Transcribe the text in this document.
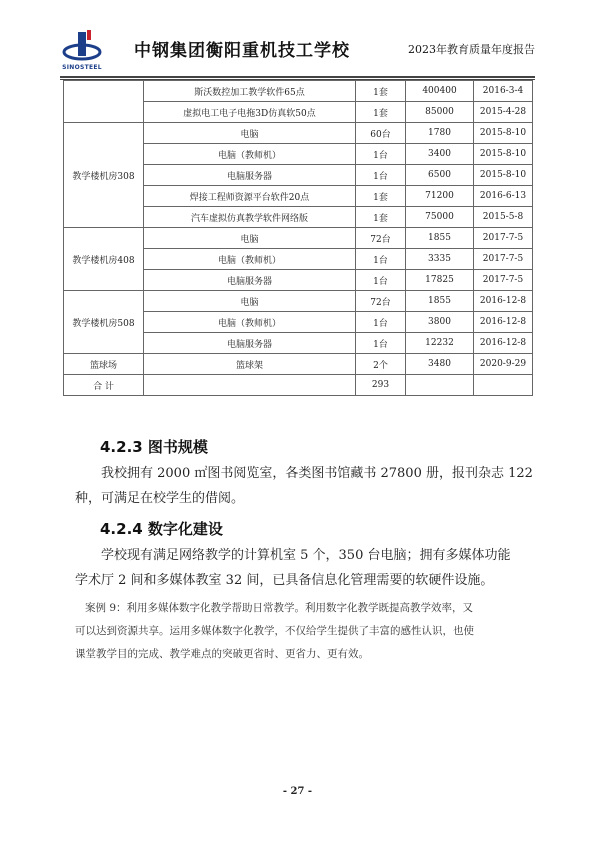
SINOSTEEL
中钢集团衡阳重机技工学校	2023年教育质量年度报告
	斯沃数控加工教学软件65点	1套	400400	2016-3-4
	虚拟电工电子电拖3D仿真软50点	1套	85000	2015-4-28
教学楼机房308	电脑	60台	1780	2015-8-10
	电脑（教师机）	1台	3400	2015-8-10
	电脑服务器	1台	6500	2015-8-10
	焊接工程师资源平台软件20点	1套	71200	2016-6-13
	汽车虚拟仿真教学软件网络版	1套	75000	2015-5-8
教学楼机房408	电脑	72台	1855	2017-7-5
	电脑（教师机）	1台	3335	2017-7-5
	电脑服务器	1台	17825	2017-7-5
教学楼机房508	电脑	72台	1855	2016-12-8
	电脑（教师机）	1台	3800	2016-12-8
	电脑服务器	1台	12232	2016-12-8
篮球场	篮球架	2个	3480	2020-9-29
合 计		293		
4.2.3 图书规模
我校拥有 2000 ㎡图书阅览室，各类图书馆藏书 27800 册，报刊杂志 122
种，可满足在校学生的借阅。
4.2.4 数字化建设
学校现有满足网络教学的计算机室 5 个，350 台电脑；拥有多媒体功能
学术厅 2 间和多媒体教室 32 间，已具备信息化管理需要的软硬件设施。
案例 9：利用多媒体数字化教学帮助日常教学。利用数字化教学既提高教学效率，又
可以达到资源共享。运用多媒体数字化教学，不仅给学生提供了丰富的感性认识，也使
课堂教学目的完成、教学难点的突破更省时、更省力、更有效。
- 27 -
